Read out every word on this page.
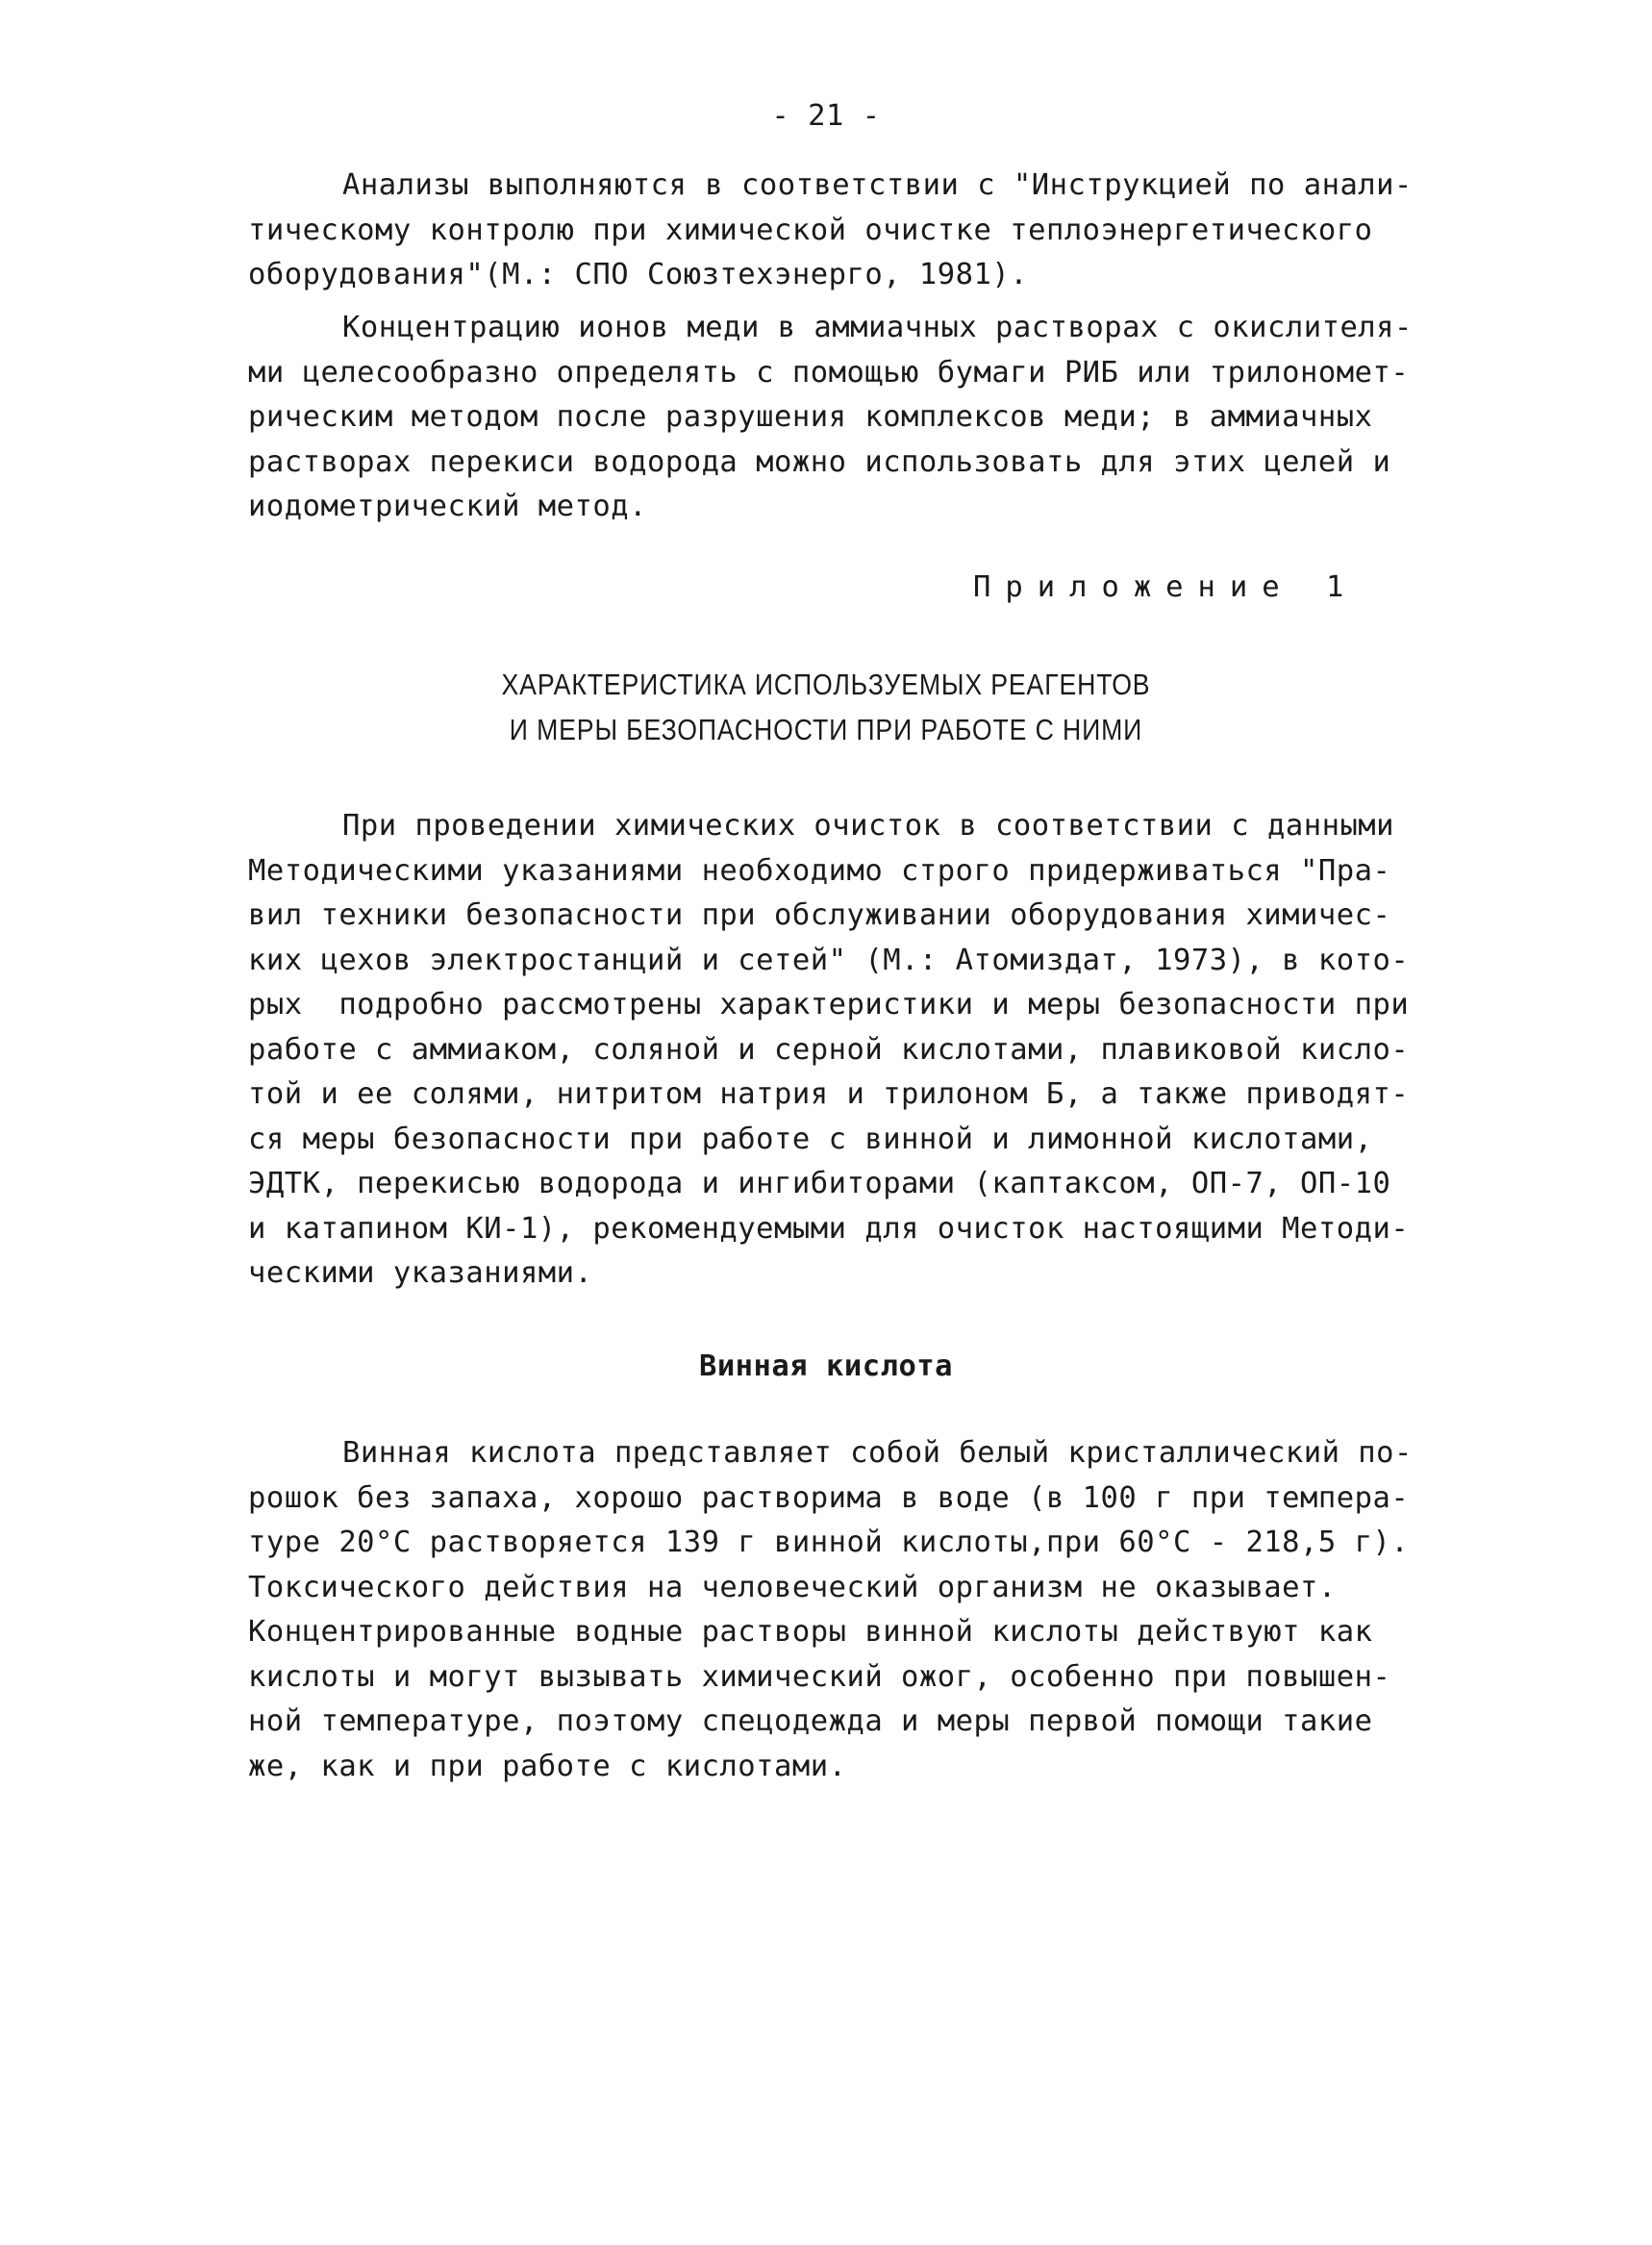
- 21 -
Анализы выполняются в соответствии с "Инструкцией по анали-
тическому контролю при химической очистке теплоэнергетического
оборудования"(М.: СПО Союзтехэнерго, 1981).
Концентрацию ионов меди в аммиачных растворах с окислителя-
ми целесообразно определять с помощью бумаги РИБ или трилономет-
рическим методом после разрушения комплексов меди; в аммиачных
растворах перекиси водорода можно использовать для этих целей и
иодометрический метод.
Приложение 1
ХАРАКТЕРИСТИКА ИСПОЛЬЗУЕМЫХ РЕАГЕНТОВ
И МЕРЫ БЕЗОПАСНОСТИ ПРИ РАБОТЕ С НИМИ
При проведении химических очисток в соответствии с данными
Методическими указаниями необходимо строго придерживаться "Пра-
вил техники безопасности при обслуживании оборудования химичес-
ких цехов электростанций и сетей" (М.: Атомиздат, 1973), в кото-
рых  подробно рассмотрены характеристики и меры безопасности при
работе с аммиаком, соляной и серной кислотами, плавиковой кисло-
той и ее солями, нитритом натрия и трилоном Б, а также приводят-
ся меры безопасности при работе с винной и лимонной кислотами,
ЭДТК, перекисью водорода и ингибиторами (каптаксом, ОП-7, ОП-10
и катапином КИ-1), рекомендуемыми для очисток настоящими Методи-
ческими указаниями.
Винная кислота
Винная кислота представляет собой белый кристаллический по-
рошок без запаха, хорошо растворима в воде (в 100 г при темпера-
туре 20°С растворяется 139 г винной кислоты,при 60°С - 218,5 г).
Токсического действия на человеческий организм не оказывает.
Концентрированные водные растворы винной кислоты действуют как
кислоты и могут вызывать химический ожог, особенно при повышен-
ной температуре, поэтому спецодежда и меры первой помощи такие
же, как и при работе с кислотами.
